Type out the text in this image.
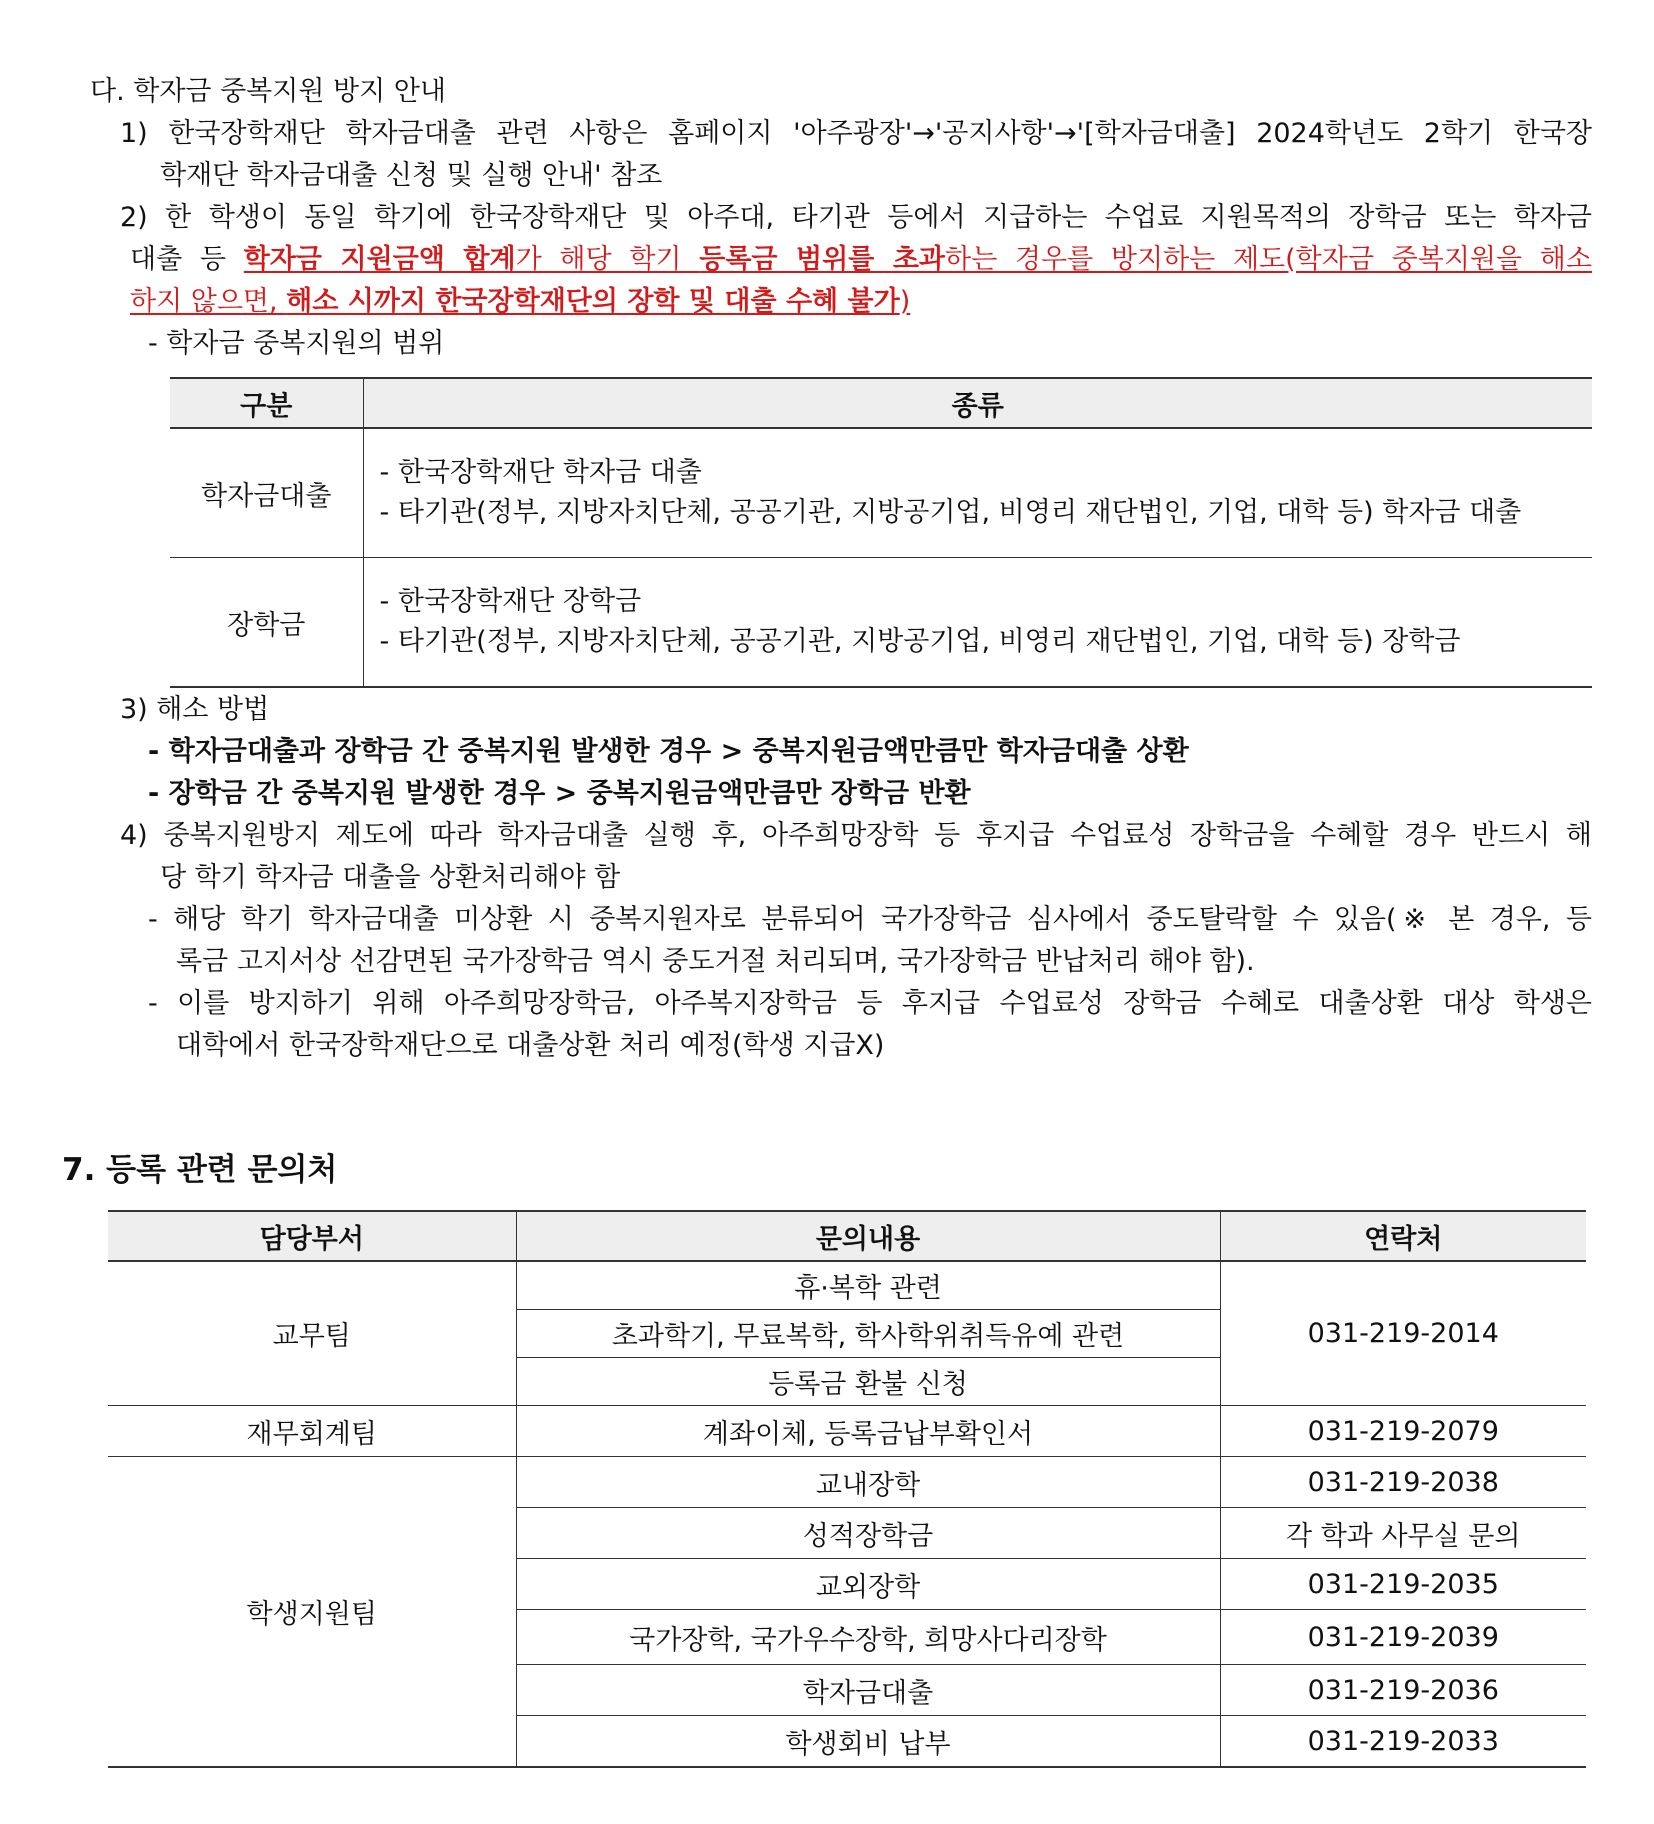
다. 학자금 중복지원 방지 안내
1) 한국장학재단 학자금대출 관련 사항은 홈페이지 '아주광장'→'공지사항'→'[학자금대출] 2024학년도 2학기 한국장
학재단 학자금대출 신청 및 실행 안내' 참조
2) 한 학생이 동일 학기에 한국장학재단 및 아주대, 타기관 등에서 지급하는 수업료 지원목적의 장학금 또는 학자금
대출 등 학자금 지원금액 합계가 해당 학기 등록금 범위를 초과하는 경우를 방지하는 제도(학자금 중복지원을 해소
하지 않으면, 해소 시까지 한국장학재단의 장학 및 대출 수혜 불가)
- 학자금 중복지원의 범위
구분	종류
학자금대출	- 한국장학재단 학자금 대출
- 타기관(정부, 지방자치단체, 공공기관, 지방공기업, 비영리 재단법인, 기업, 대학 등) 학자금 대출

장학금	- 한국장학재단 장학금
- 타기관(정부, 지방자치단체, 공공기관, 지방공기업, 비영리 재단법인, 기업, 대학 등) 장학금
3) 해소 방법
- 학자금대출과 장학금 간 중복지원 발생한 경우 > 중복지원금액만큼만 학자금대출 상환
- 장학금 간 중복지원 발생한 경우 > 중복지원금액만큼만 장학금 반환
4) 중복지원방지 제도에 따라 학자금대출 실행 후, 아주희망장학 등 후지급 수업료성 장학금을 수혜할 경우 반드시 해
당 학기 학자금 대출을 상환처리해야 함
- 해당 학기 학자금대출 미상환 시 중복지원자로 분류되어 국가장학금 심사에서 중도탈락할 수 있음(※ 본 경우, 등
록금 고지서상 선감면된 국가장학금 역시 중도거절 처리되며, 국가장학금 반납처리 해야 함).
- 이를 방지하기 위해 아주희망장학금, 아주복지장학금 등 후지급 수업료성 장학금 수혜로 대출상환 대상 학생은
대학에서 한국장학재단으로 대출상환 처리 예정(학생 지급X)
7. 등록 관련 문의처
담당부서	문의내용	연락처
교무팀	휴·복학 관련	031-219-2014
	초과학기, 무료복학, 학사학위취득유예 관련	
	등록금 환불 신청	
재무회계팀	계좌이체, 등록금납부확인서	031-219-2079
학생지원팀	교내장학	031-219-2038
	성적장학금	각 학과 사무실 문의
	교외장학	031-219-2035
	국가장학, 국가우수장학, 희망사다리장학	031-219-2039
	학자금대출	031-219-2036
	학생회비 납부	031-219-2033
